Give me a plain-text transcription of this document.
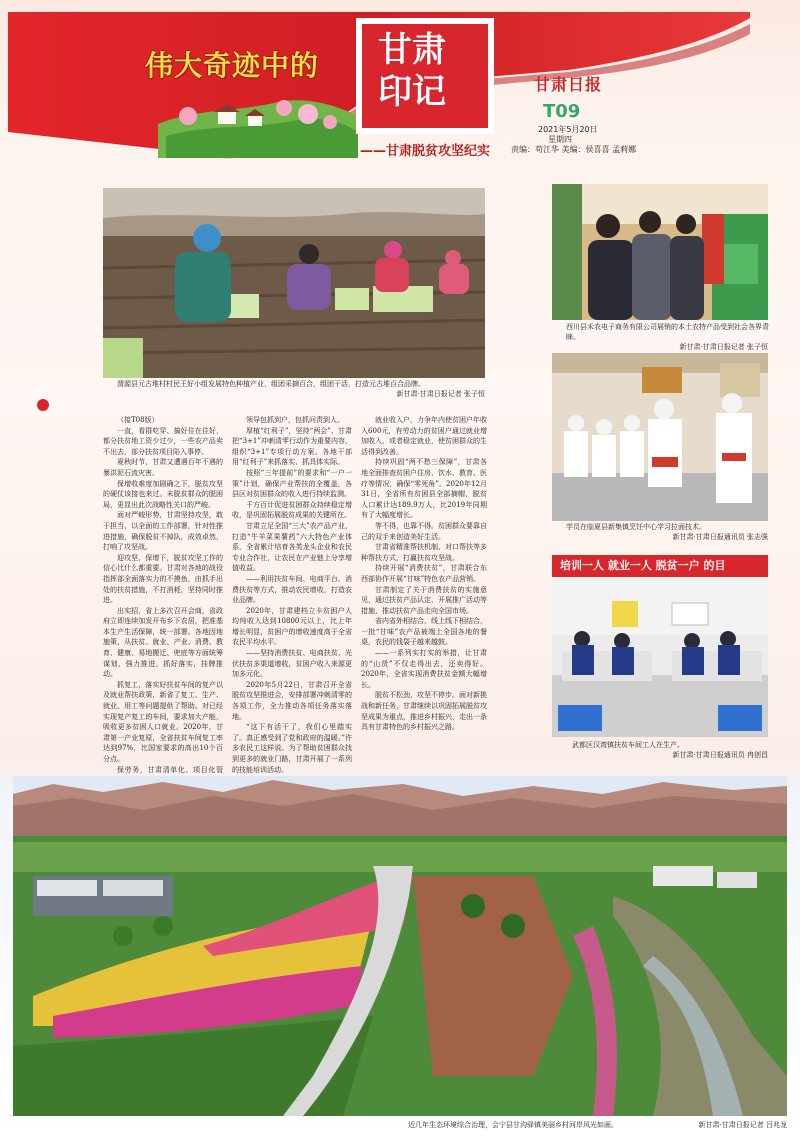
伟大奇迹中的 甘肃
印记
——甘肃脱贫攻坚纪实
甘肃日报
T09
2021年5月20日
星期四
责编：苟江华 美编：侯喜喜 孟莉娜
渭源县元古堆村村民王好小组发展特色种植产业，组团采摘百合，组团干活，打造元古堆百合品牌。
新甘肃·甘肃日报记者 张子恒
西川县禾农电子商务有限公司展销的本土农特产品受到社会各界青睐。
新甘肃·甘肃日报记者 张子恒
学员在临夏县新集镇烹饪中心学习拉面技术。
新甘肃·甘肃日报通讯员 张志强
培训一人 就业一人 脱贫一户 的目
武都区汉湾镇扶贫车间工人在生产。
新甘肃·甘肃日报通讯员 冉创昌

（接T08版）

一直，看群吃穿、搞好住在住好，都分扶贫地工资少过少，一些农产品卖不出去，部分扶贫项目陷入事停。

夏秋时节，甘肃又遭遇百年不遇的暴洪泥石流灾害。

保增收难度加剧确之下，脱贫攻坚的硬仗该接也来过。未脱贫群众的脱困局，更显出此次战略性关口的严峻。

面对严峻形势，甘肃坚持攻坚，敢于担当，以全面的工作部署，针对性推进措施，确保脱贫不掉队，成效卓然，打响了攻坚战。

迎攻坚，保增下，脱贫攻坚工作的信心比什么都重要。甘肃对各地的战役指挥部全面落实力的不摸鱼，由抓手出处的扶贫措施，不打消耗，坚持同时推进。

出实招，省上多次召开会商，省政府立即连续加发开布乡下农居，把准基本生产生活保障，统一部署。各地因地施策，从扶贫、就业、产业、消费、教育、健康、易地搬迁、兜底等方面统筹谋划，强力推进，抓好落实，挂牌推动。

抓复工，落实好扶贫车间的复产以及就业帮扶政策，新省了复工、生产、就业、用工等问题提供了帮助。对已经实现复产复工的车间，要求加大产能，吸收更多贫困人口就业。2020年，甘肃第一产业复原，全省扶贫车间复工率达到97%，比国家要求的高出10个百分点。

保劳务，甘肃清单化、项目化管

领导包抓到户，包抓问责到人。

厚植“红利子”，坚持“两会”、甘肃把“3+1”冲刺清零行动作为重要内容，组织“3+1”专项行动方案。各地干部用“红利子”来抓落实、抓具体实际。

按照“三年提前”的要求和“一户一策”计划，确保产业帮扶的全覆盖，各县区对贫困群众的收入进行持续监测。

千方百计促进贫困群众持续稳定增收，是巩固拓展脱贫成果的关键所在。

甘肃立足全国“三大”农产品产业，打造“牛羊菜果薯药”六大特色产业体系，全省累计培育各类龙头企业和农民专业合作社，让农民在产业链上分享增值收益。

——利用扶贫车间、电商平台、消费扶贫等方式，推动农民增收，打造农业品牌。

2020年，甘肃建档立卡贫困户人均纯收入达到10800元以上，比上年增长明显，贫困户的增收速度高于全省农民平均水平。

——坚持消费扶贫、电商扶贫、光伏扶贫多渠道增收，贫困户收入来源更加多元化。

2020年5月22日，甘肃召开全省脱贫攻坚推进会，安排部署冲刺清零的各项工作，全力推动各项任务落实落地。

“这下有活干了，我们心里踏实了。真正感受到了党和政府的温暖。”许多农民工这样说。为了帮助贫困群众找到更多的就业门路，甘肃开展了一系列的技能培训活动。

就业收入户，力争年内使贫困户年收入600元，有劳动力的贫困户通过就业增加收入，或者稳定就业，使贫困群众的生活得到改善。

持续巩固“两不愁三保障”，甘肃各地全面排查贫困户住房、饮水、教育、医疗等情况，确保“零死角”。2020年12月31日，全省所有贫困县全部摘帽，脱贫人口累计达189.9万人，比2019年同期有了大幅度增长。

等不得，也靠不得。贫困群众要靠自己的双手来创造美好生活。

甘肃省精准帮扶机制、对口帮扶等多种帮扶方式，打赢扶贫攻坚战。

持续开展“消费扶贫”，甘肃联合东西部协作开展“甘味”特色农产品营销。

甘肃制定了关于消费扶贫的实施意见，通过扶贫产品认定、开展推广活动等措施，推动扶贫产品走向全国市场。

省内省外相结合，线上线下相结合，一批“甘味”农产品被端上全国各地的餐桌，农民的钱袋子越来越鼓。

——一系列实打实的举措，让甘肃的“山货”不仅走得出去，还卖得好。2020年，全省实现消费扶贫金额大幅增长。

脱贫不松劲，攻坚不停步。面对新挑战和新任务，甘肃继续以巩固拓展脱贫攻坚成果为重点，推进乡村振兴，走出一条具有甘肃特色的乡村振兴之路。

近几年生态环境综合治理，会宁县甘沟驿镇美丽乡村河岸风光如画。	新甘肃·甘肃日报记者 吕兆龙
